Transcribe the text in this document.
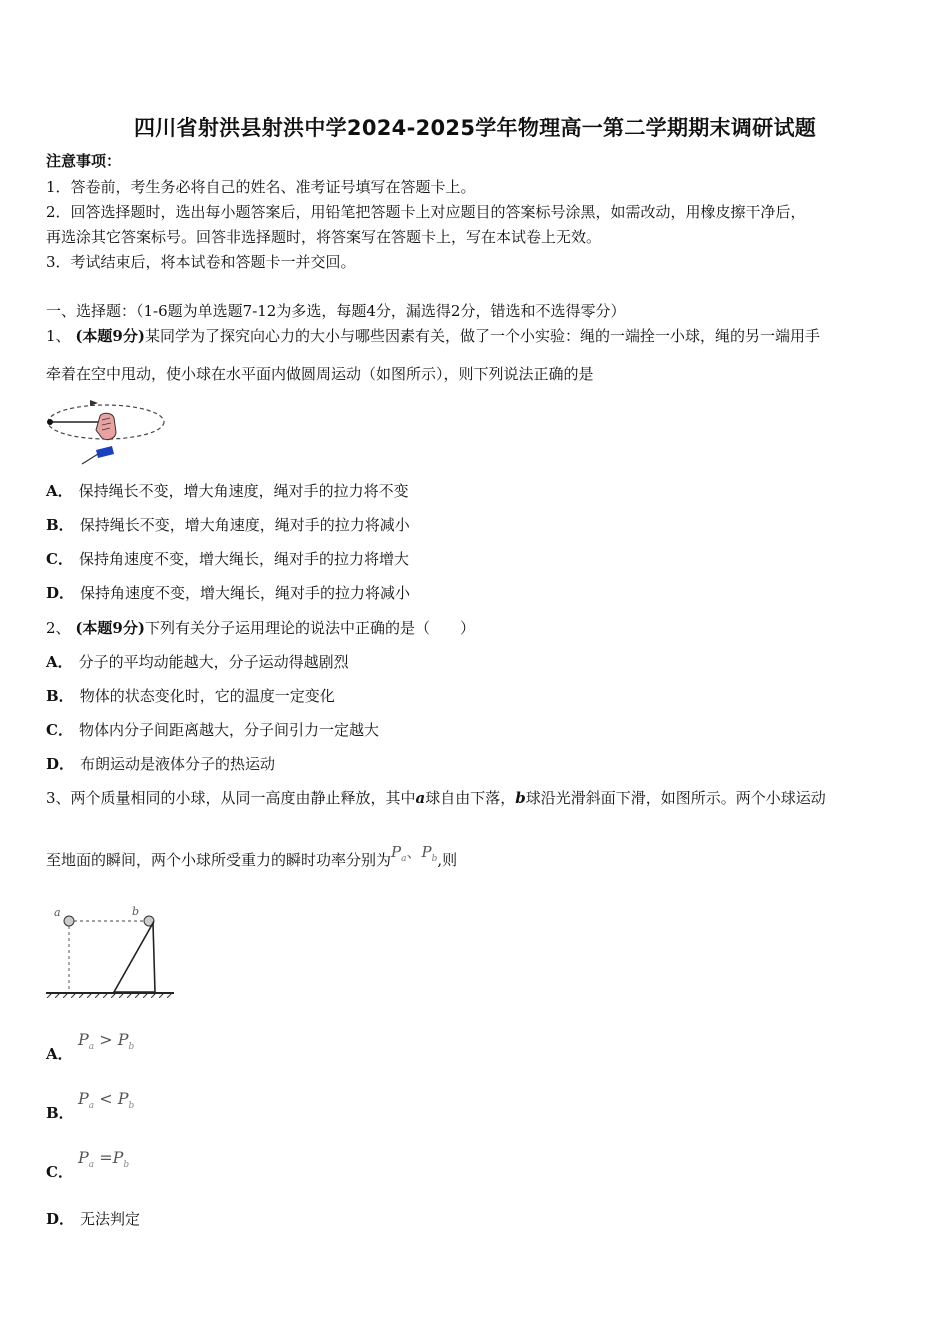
四川省射洪县射洪中学2024-2025学年物理高一第二学期期末调研试题
注意事项：
1．答卷前，考生务必将自己的姓名、准考证号填写在答题卡上。
2．回答选择题时，选出每小题答案后，用铅笔把答题卡上对应题目的答案标号涂黑，如需改动，用橡皮擦干净后，
再选涂其它答案标号。回答非选择题时，将答案写在答题卡上，写在本试卷上无效。
3．考试结束后，将本试卷和答题卡一并交回。
一、选择题：（1-6题为单选题7-12为多选，每题4分，漏选得2分，错选和不选得零分）
1、 (本题9分)某同学为了探究向心力的大小与哪些因素有关，做了一个小实验：绳的一端拴一小球，绳的另一端用手
牵着在空中甩动，使小球在水平面内做圆周运动（如图所示），则下列说法正确的是
A． 保持绳长不变，增大角速度，绳对手的拉力将不变
B． 保持绳长不变，增大角速度，绳对手的拉力将减小
C． 保持角速度不变，增大绳长，绳对手的拉力将增大
D． 保持角速度不变，增大绳长，绳对手的拉力将减小
2、 (本题9分)下列有关分子运用理论的说法中正确的是（　　）
A． 分子的平均动能越大，分子运动得越剧烈
B． 物体的状态变化时，它的温度一定变化
C． 物体内分子间距离越大，分子间引力一定越大
D． 布朗运动是液体分子的热运动
3、两个质量相同的小球，从同一高度由静止释放，其中a球自由下落，b球沿光滑斜面下滑，如图所示。两个小球运动
至地面的瞬间，两个小球所受重力的瞬时功率分别为$P_a$、$P_b$,则
a	b
A．
$P_a > P_b$
B．
$P_a < P_b$
C．
$P_a =P_b$
D． 无法判定
